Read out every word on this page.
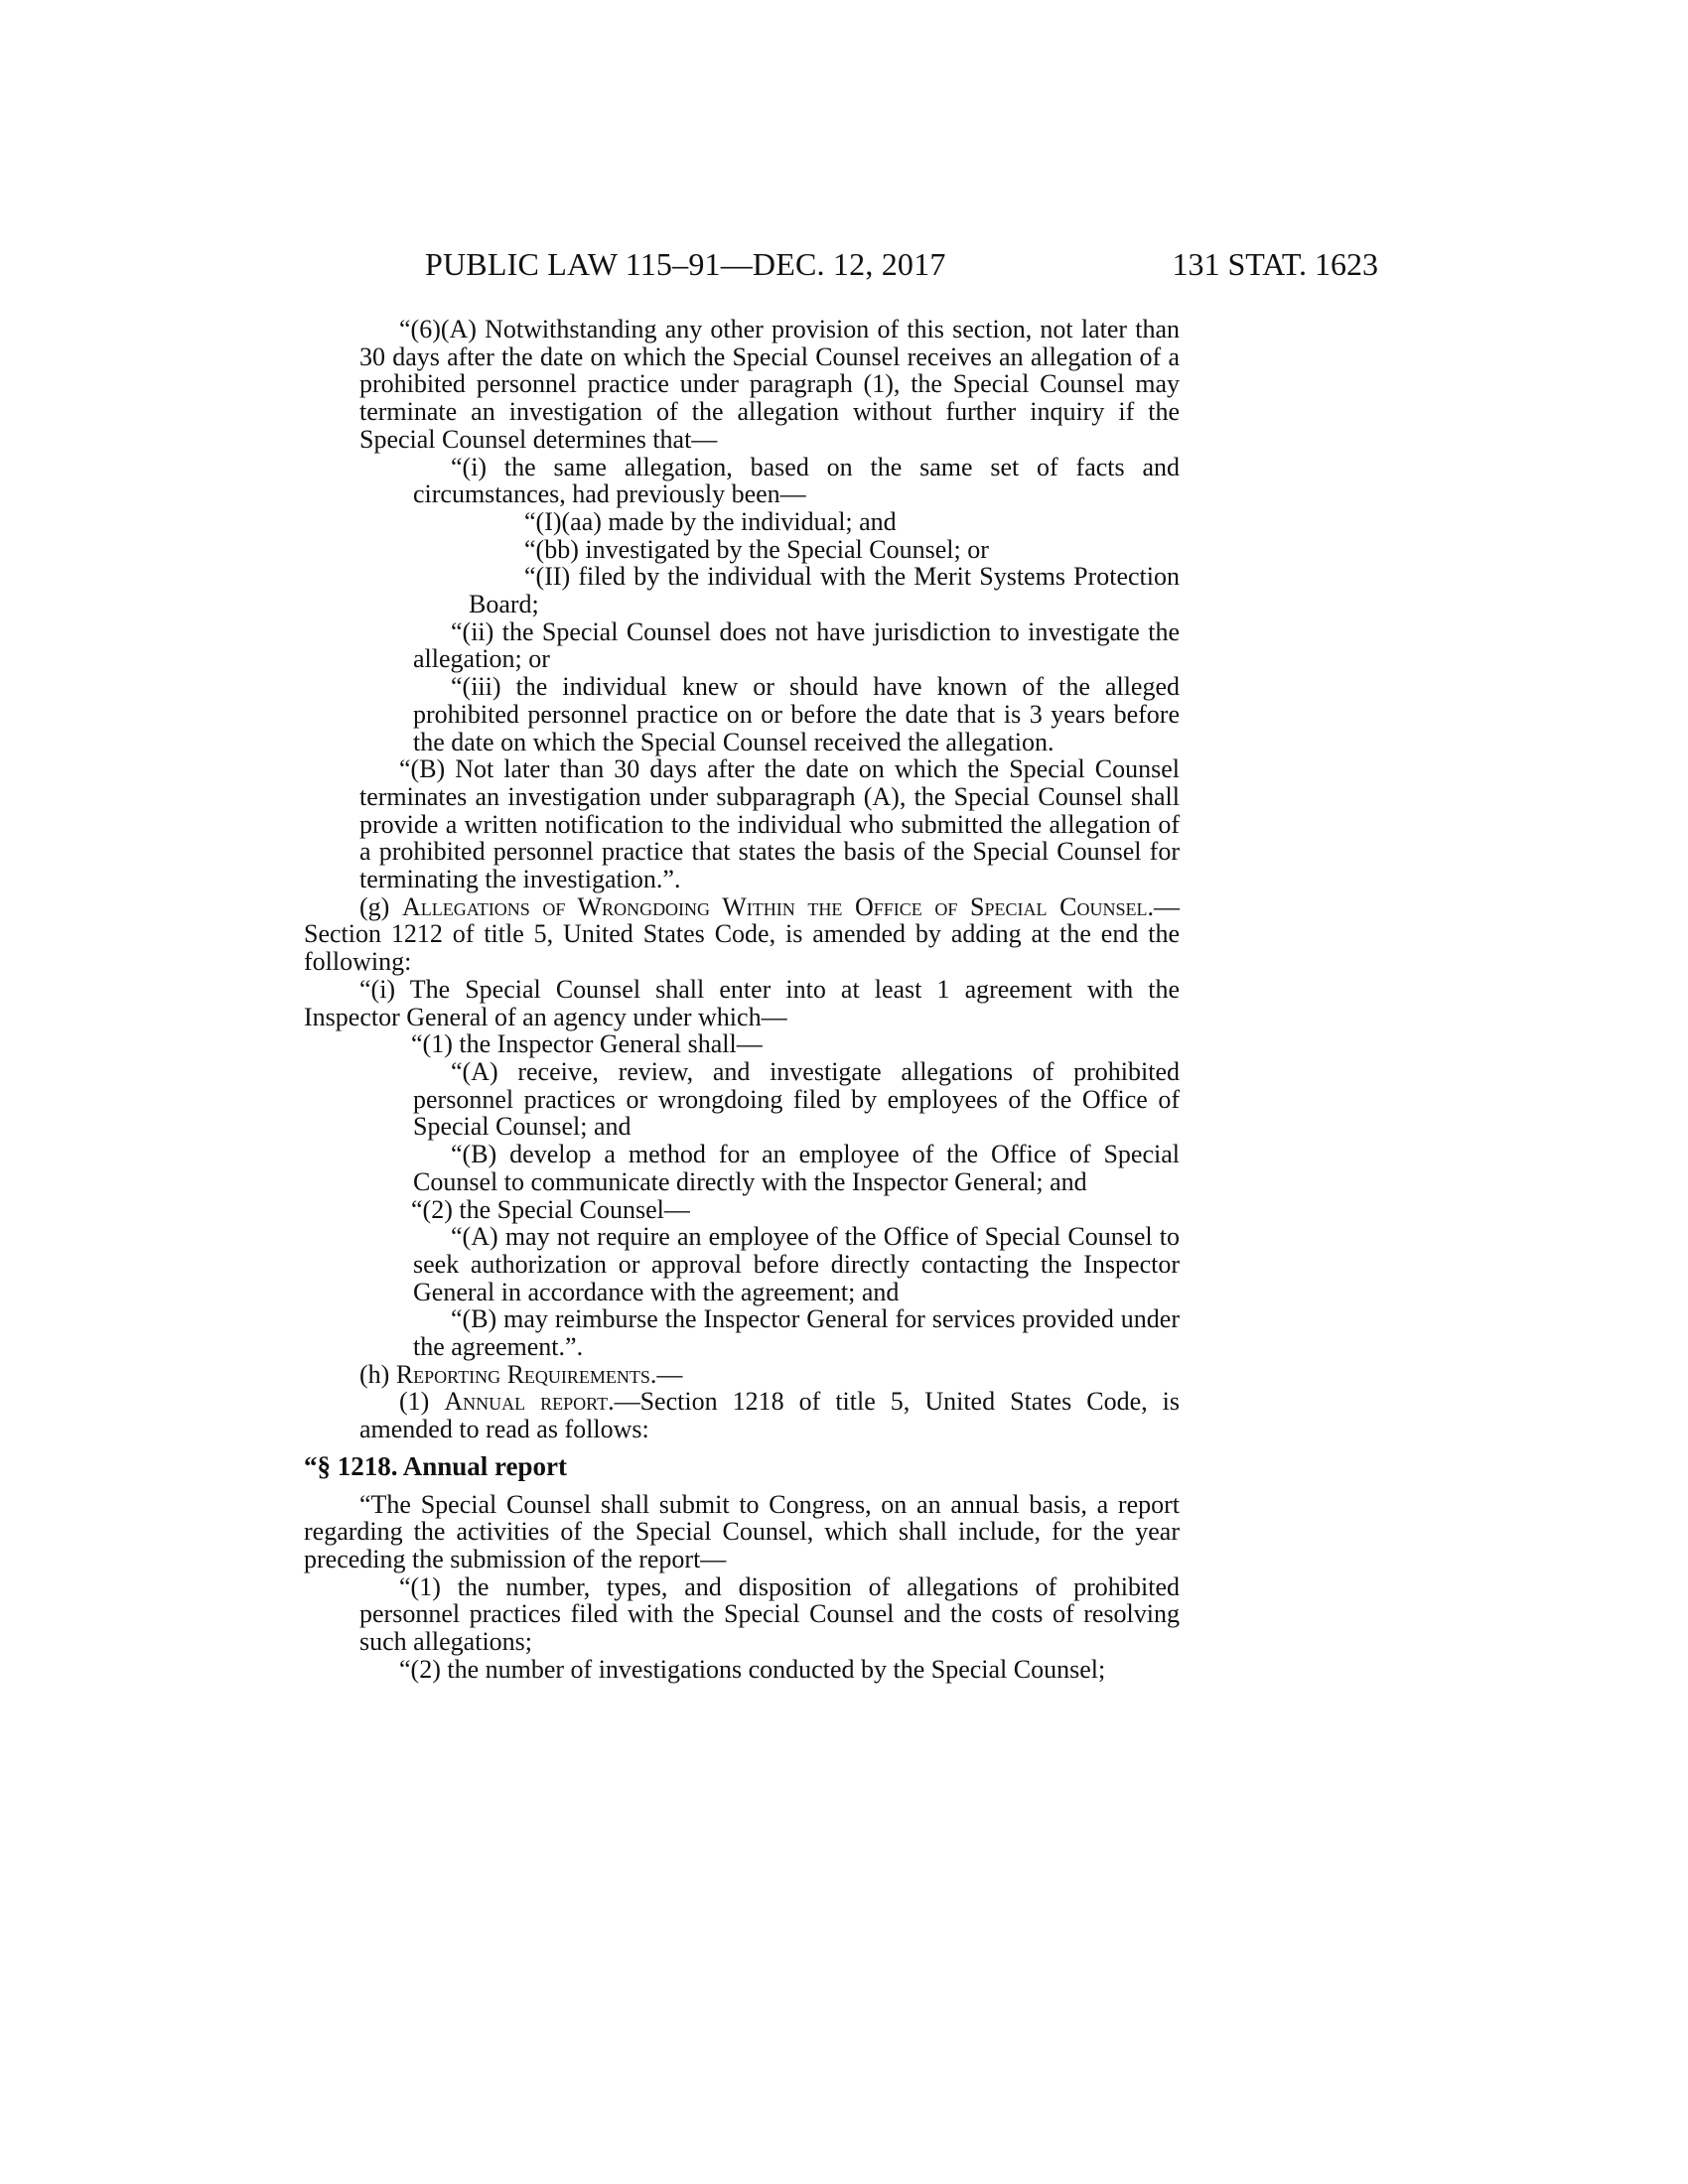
PUBLIC LAW 115–91—DEC. 12, 2017	131 STAT. 1623
“(6)(A) Notwithstanding any other provision of this section, not later than 30 days after the date on which the Special Counsel receives an allegation of a prohibited personnel practice under paragraph (1), the Special Counsel may terminate an investigation of the allegation without further inquiry if the Special Counsel determines that—
“(i) the same allegation, based on the same set of facts and circumstances, had previously been—
“(I)(aa) made by the individual; and
“(bb) investigated by the Special Counsel; or
“(II) filed by the individual with the Merit Systems Protection Board;
“(ii) the Special Counsel does not have jurisdiction to investigate the allegation; or
“(iii) the individual knew or should have known of the alleged prohibited personnel practice on or before the date that is 3 years before the date on which the Special Counsel received the allegation.
“(B) Not later than 30 days after the date on which the Special Counsel terminates an investigation under subparagraph (A), the Special Counsel shall provide a written notification to the individual who submitted the allegation of a prohibited personnel practice that states the basis of the Special Counsel for terminating the investigation.”.
(g) Allegations of Wrongdoing Within the Office of Special Counsel.—Section 1212 of title 5, United States Code, is amended by adding at the end the following:
“(i) The Special Counsel shall enter into at least 1 agreement with the Inspector General of an agency under which—
“(1) the Inspector General shall—
“(A) receive, review, and investigate allegations of prohibited personnel practices or wrongdoing filed by employees of the Office of Special Counsel; and
“(B) develop a method for an employee of the Office of Special Counsel to communicate directly with the Inspector General; and
“(2) the Special Counsel—
“(A) may not require an employee of the Office of Special Counsel to seek authorization or approval before directly contacting the Inspector General in accordance with the agreement; and
“(B) may reimburse the Inspector General for services provided under the agreement.”.
(h) Reporting Requirements.—
(1) Annual report.—Section 1218 of title 5, United States Code, is amended to read as follows:
“§ 1218. Annual report
“The Special Counsel shall submit to Congress, on an annual basis, a report regarding the activities of the Special Counsel, which shall include, for the year preceding the submission of the report—
“(1) the number, types, and disposition of allegations of prohibited personnel practices filed with the Special Counsel and the costs of resolving such allegations;
“(2) the number of investigations conducted by the Special Counsel;
